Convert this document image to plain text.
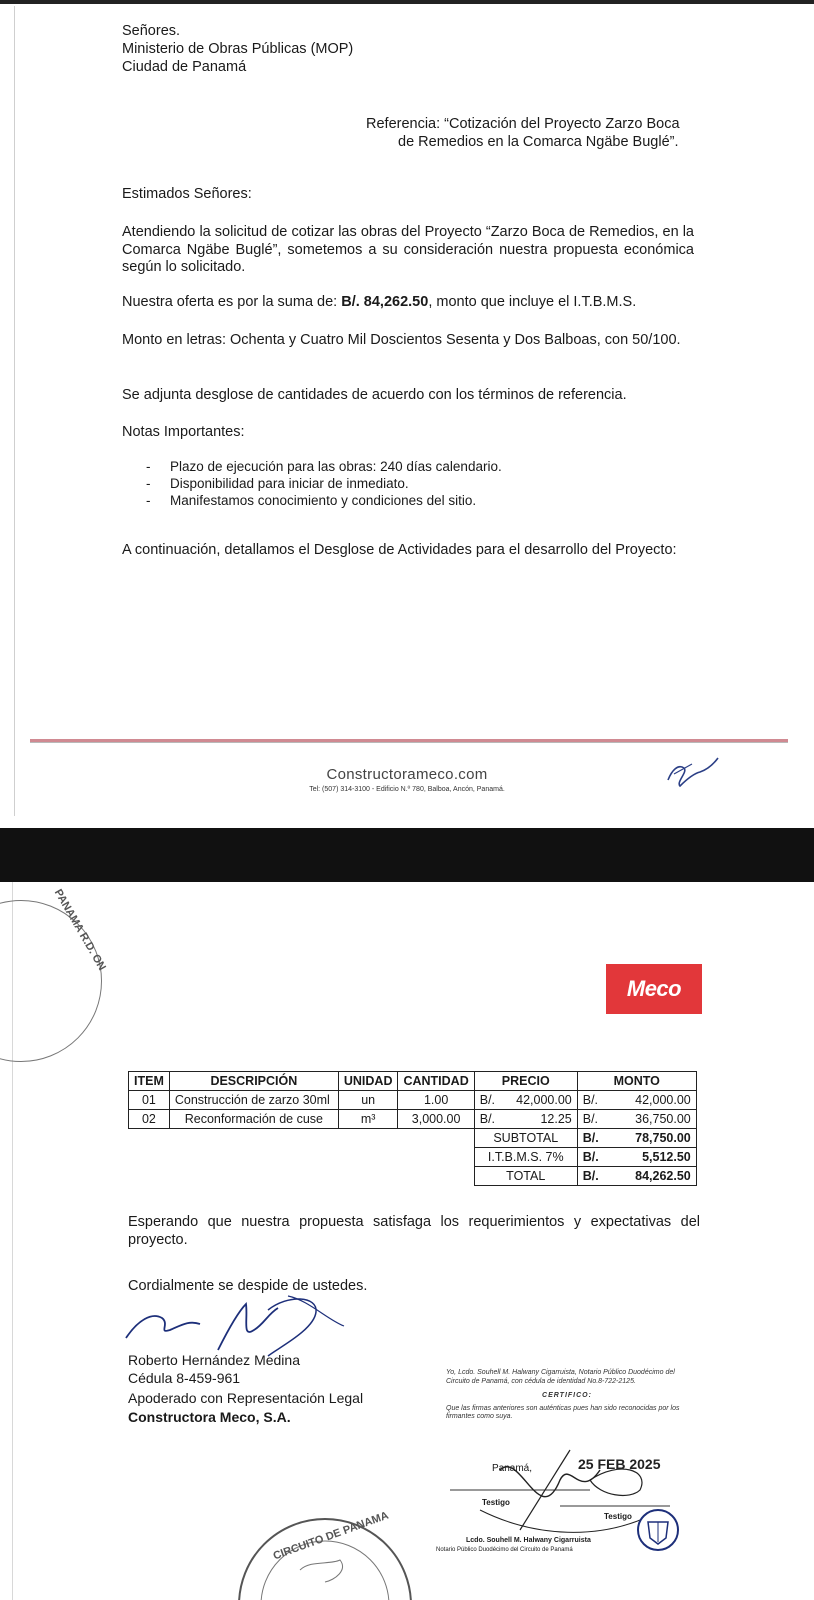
Señores.
Ministerio de Obras Públicas (MOP)
Ciudad de Panamá
Referencia: “Cotización del Proyecto Zarzo Boca
de Remedios en la Comarca Ngäbe Buglé”.
Estimados Señores:
Atendiendo la solicitud de cotizar las obras del Proyecto “Zarzo Boca de Remedios, en la Comarca Ngäbe Buglé”, sometemos a su consideración nuestra propuesta económica según lo solicitado.
Nuestra oferta es por la suma de: B/. 84,262.50, monto que incluye el I.T.B.M.S.
Monto en letras: Ochenta y Cuatro Mil Doscientos Sesenta y Dos Balboas, con 50/100.
Se adjunta desglose de cantidades de acuerdo con los términos de referencia.
Notas Importantes:
- Plazo de ejecución para las obras: 240 días calendario.
- Disponibilidad para iniciar de inmediato.
- Manifestamos conocimiento y condiciones del sitio.
A continuación, detallamos el Desglose de Actividades para el desarrollo del Proyecto:
Constructorameco.com
Tel: (507) 314-3100 - Edificio N.º 780, Balboa, Ancón, Panamá.
PANAMA R.D. ON
Meco
ITEM	DESCRIPCIÓN	UNIDAD	CANTIDAD	PRECIO		MONTO	
01	Construcción de zarzo 30ml	un	1.00	B/.	42,000.00	B/.	42,000.00
02	Reconformación de cuse	m³	3,000.00	B/.	12.25	B/.	36,750.00
				SUBTOTAL		B/.	78,750.00
				I.T.B.M.S. 7%		B/.	5,512.50
				TOTAL		B/.	84,262.50
Esperando que nuestra propuesta satisfaga los requerimientos y expectativas del proyecto.
Cordialmente se despide de ustedes.
Roberto Hernández Medina
Cédula 8-459-961
Apoderado con Representación Legal
Constructora Meco, S.A.
Yo, Lcdo. Souhell M. Halwany Cigarruista, Notario Público Duodécimo del Circuito de Panamá, con cédula de identidad No.8-722-2125.
CERTIFICO:
Que las firmas anteriores son auténticas pues han sido reconocidas por los firmantes como suya.
Panamá,	25 FEB 2025
Testigo
Testigo
Lcdo. Souhell M. Halwany Cigarruista
Notario Público Duodécimo del Circuito de Panamá
CIRCUITO DE PANAMA
